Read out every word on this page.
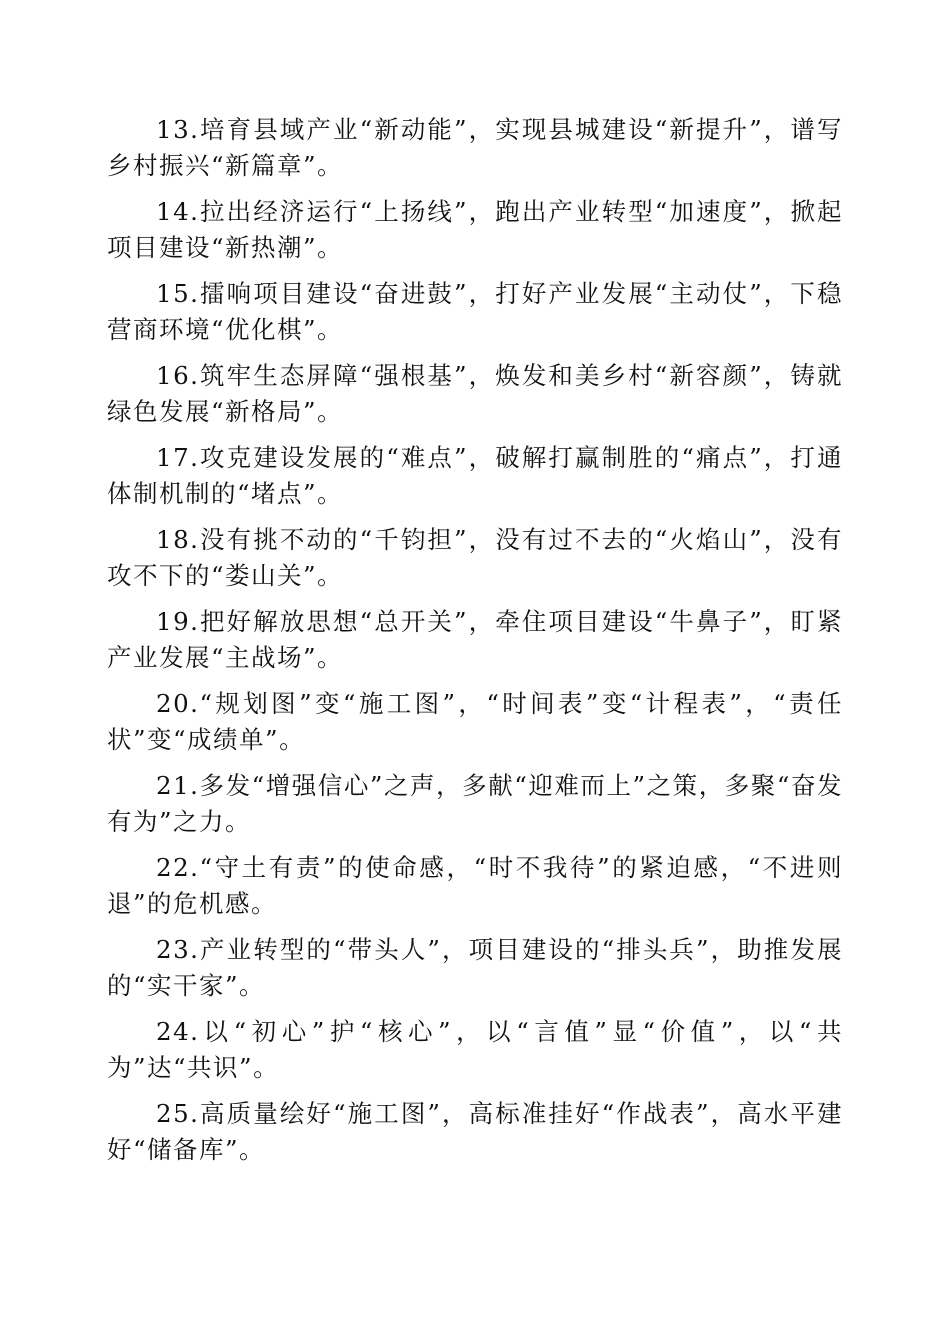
13.培育县域产业“新动能”，实现县城建设“新提升”，谱写乡村振兴“新篇章”。

14.拉出经济运行“上扬线”，跑出产业转型“加速度”，掀起项目建设“新热潮”。

15.擂响项目建设“奋进鼓”，打好产业发展“主动仗”，下稳营商环境“优化棋”。

16.筑牢生态屏障“强根基”，焕发和美乡村“新容颜”，铸就绿色发展“新格局”。

17.攻克建设发展的“难点”，破解打赢制胜的“痛点”，打通体制机制的“堵点”。

18.没有挑不动的“千钧担”，没有过不去的“火焰山”，没有攻不下的“娄山关”。

19.把好解放思想“总开关”，牵住项目建设“牛鼻子”，盯紧产业发展“主战场”。

20.“规划图”变“施工图”，“时间表”变“计程表”，“责任状”变“成绩单”。

21.多发“增强信心”之声，多献“迎难而上”之策，多聚“奋发有为”之力。

22.“守土有责”的使命感，“时不我待”的紧迫感，“不进则退”的危机感。

23.产业转型的“带头人”，项目建设的“排头兵”，助推发展的“实干家”。

24.以“初心”护“核心”，以“言值”显“价值”，以“共为”达“共识”。

25.高质量绘好“施工图”，高标准挂好“作战表”，高水平建好“储备库”。
